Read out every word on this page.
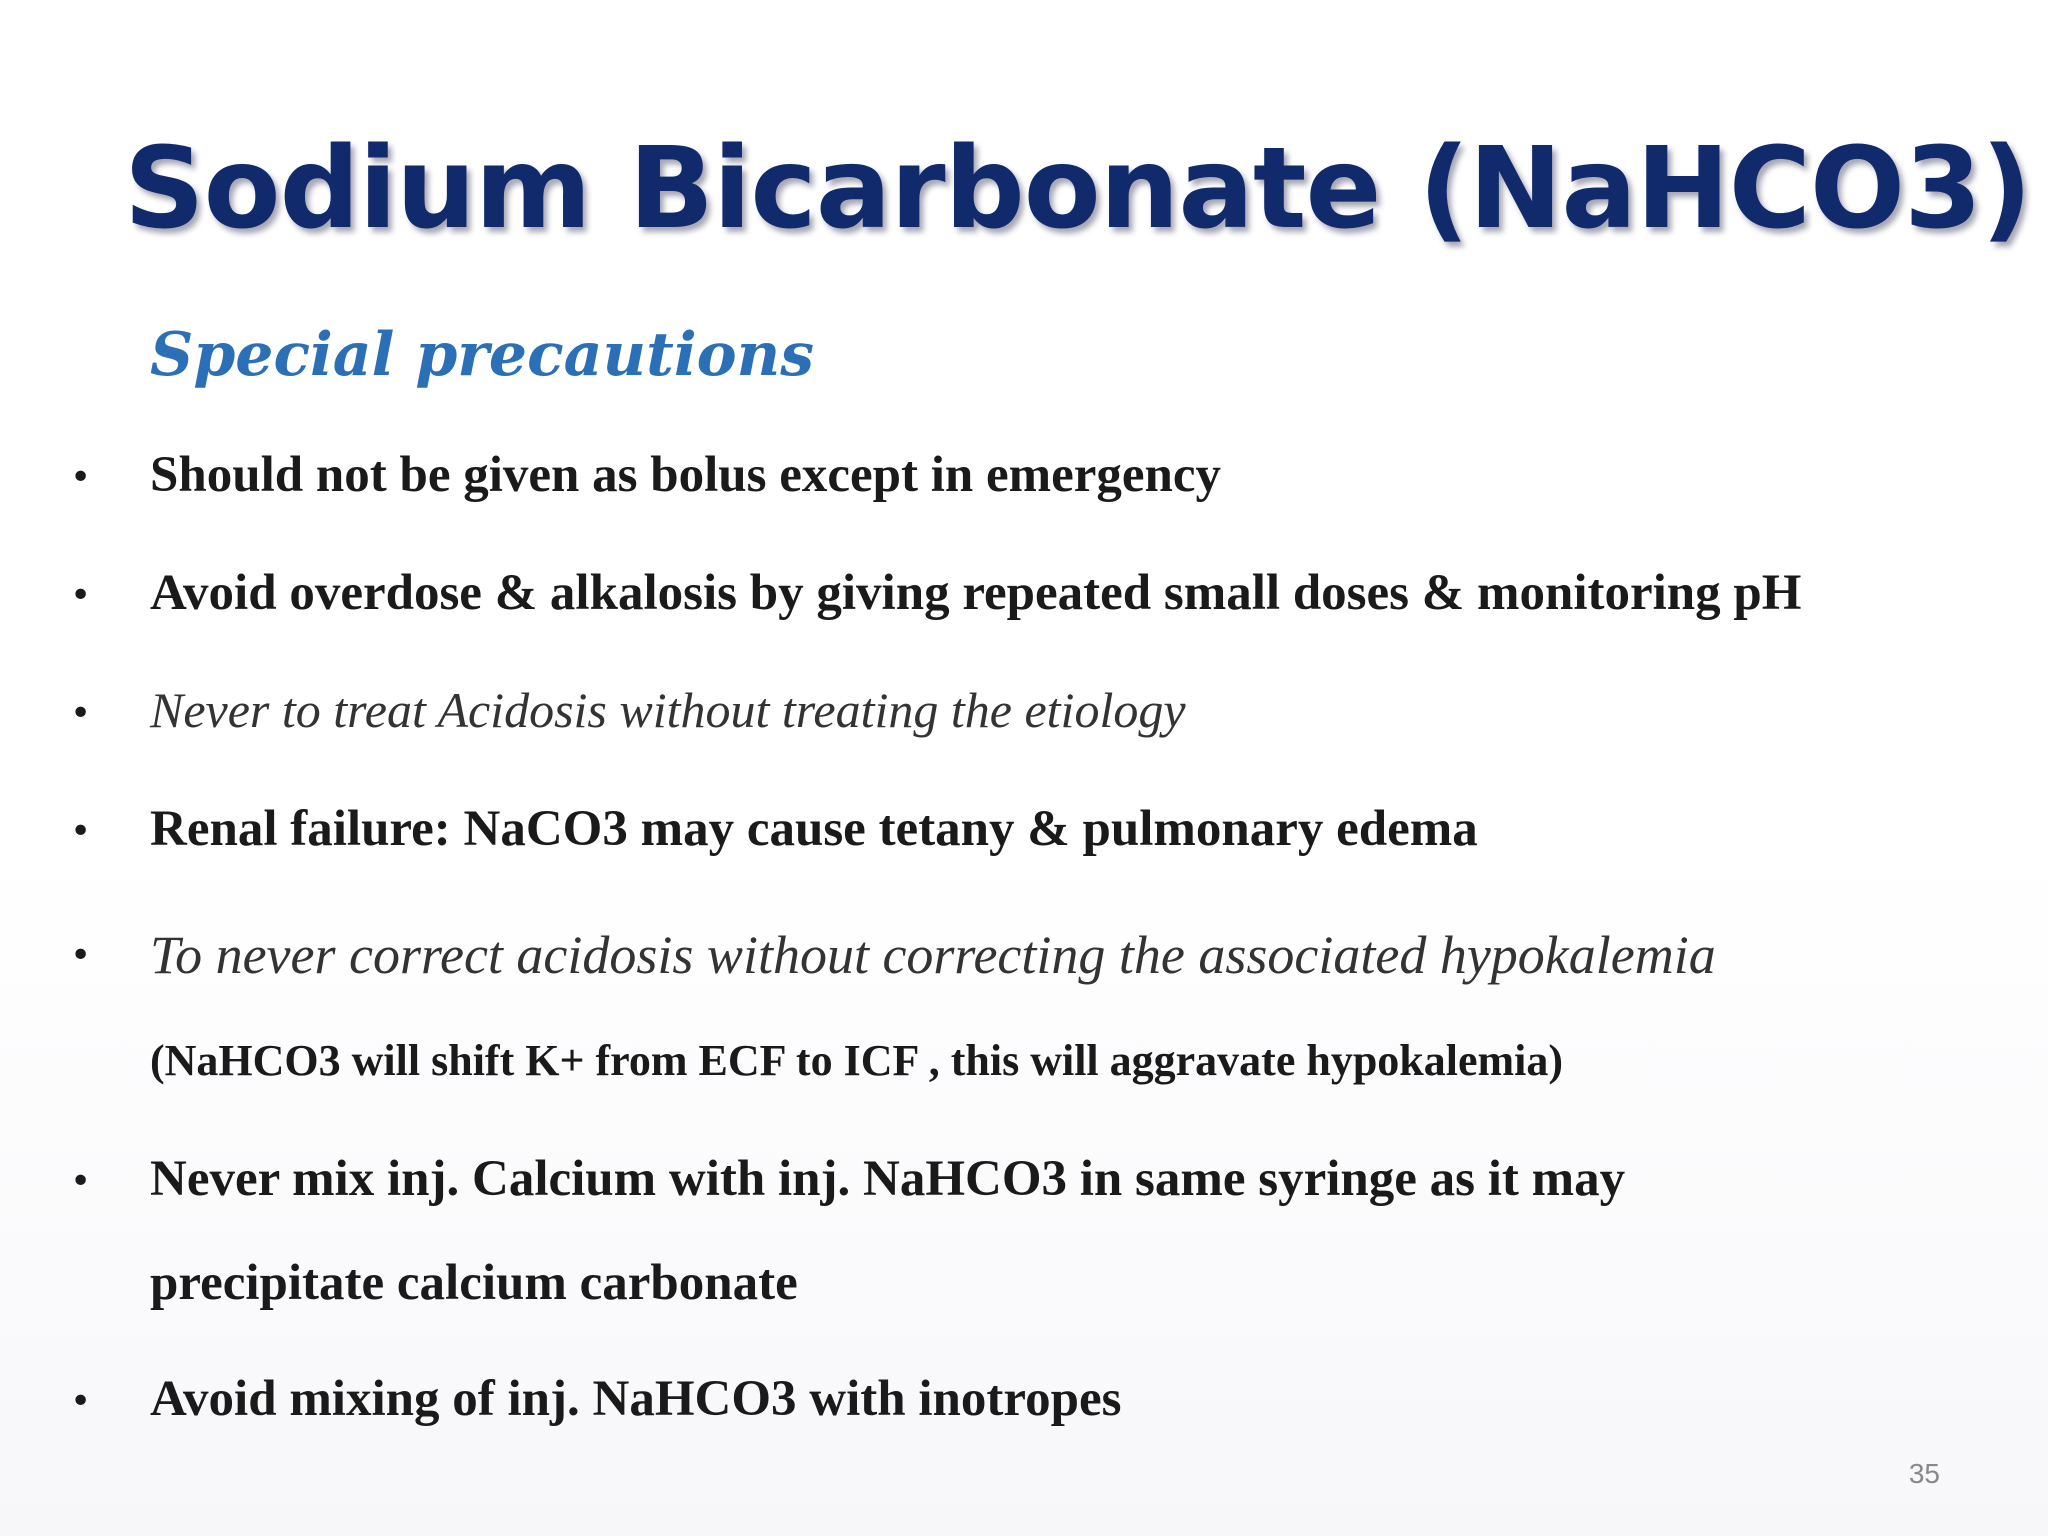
Sodium Bicarbonate (NaHCO3)
Special precautions
•	Should not be given as bolus except in emergency
•	Avoid overdose & alkalosis by giving repeated small doses & monitoring pH
•	Never to treat Acidosis without treating the etiology
•	Renal failure: NaCO3 may cause tetany & pulmonary edema
•	To never correct acidosis without correcting the associated hypokalemia
(NaHCO3 will shift K+ from ECF to ICF , this will aggravate hypokalemia)
•	Never mix inj. Calcium with inj. NaHCO3 in same syringe as it may
precipitate calcium carbonate
•	Avoid mixing of inj. NaHCO3 with inotropes
35
